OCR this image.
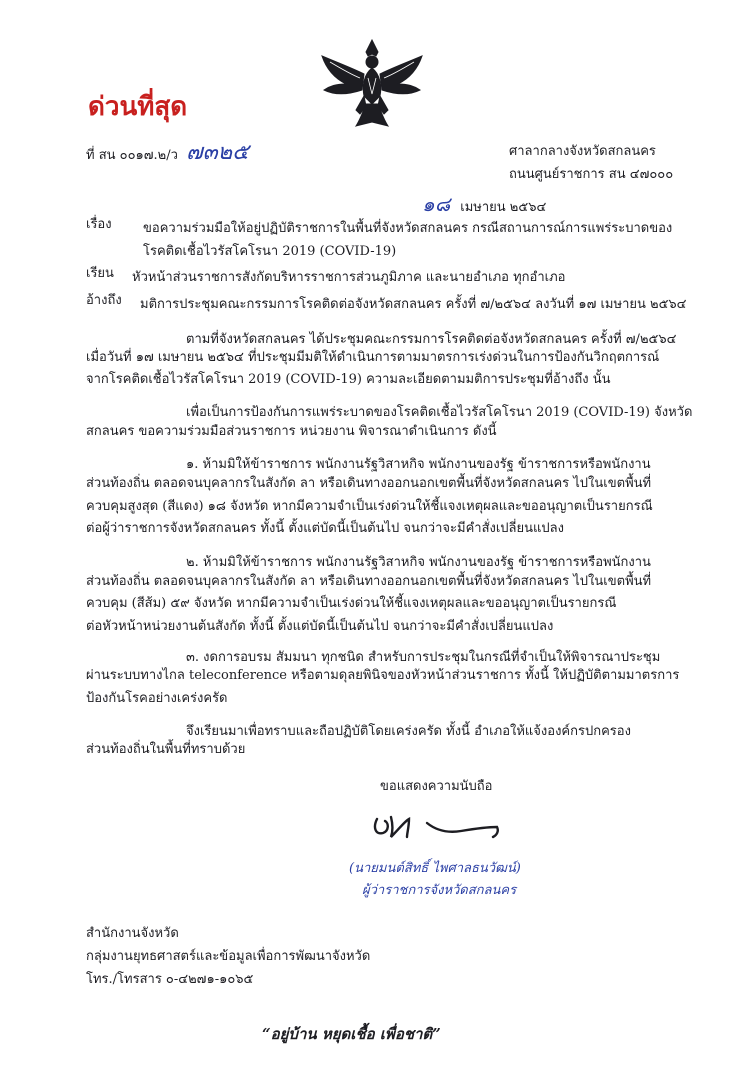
ด่วนที่สุด
ที่ สน ๐๐๑๗.๒/ว ๗๓๒๕	ศาลากลางจังหวัดสกลนคร
ถนนศูนย์ราชการ สน ๔๗๐๐๐
๑๘ เมษายน ๒๕๖๔
เรื่อง ขอความร่วมมือให้อยู่ปฏิบัติราชการในพื้นที่จังหวัดสกลนคร กรณีสถานการณ์การแพร่ระบาดของ
โรคติดเชื้อไวรัสโคโรนา 2019 (COVID-19)
เรียน หัวหน้าส่วนราชการสังกัดบริหารราชการส่วนภูมิภาค และนายอำเภอ ทุกอำเภอ
อ้างถึง มติการประชุมคณะกรรมการโรคติดต่อจังหวัดสกลนคร ครั้งที่ ๗/๒๕๖๔ ลงวันที่ ๑๗ เมษายน ๒๕๖๔
ตามที่จังหวัดสกลนคร ได้ประชุมคณะกรรมการโรคติดต่อจังหวัดสกลนคร ครั้งที่ ๗/๒๕๖๔
เมื่อวันที่ ๑๗ เมษายน ๒๕๖๔ ที่ประชุมมีมติให้ดำเนินการตามมาตรการเร่งด่วนในการป้องกันวิกฤตการณ์
จากโรคติดเชื้อไวรัสโคโรนา 2019 (COVID-19) ความละเอียดตามมติการประชุมที่อ้างถึง นั้น
เพื่อเป็นการป้องกันการแพร่ระบาดของโรคติดเชื้อไวรัสโคโรนา 2019 (COVID-19) จังหวัด
สกลนคร ขอความร่วมมือส่วนราชการ หน่วยงาน พิจารณาดำเนินการ ดังนี้
๑. ห้ามมิให้ข้าราชการ พนักงานรัฐวิสาหกิจ พนักงานของรัฐ ข้าราชการหรือพนักงาน
ส่วนท้องถิ่น ตลอดจนบุคลากรในสังกัด ลา หรือเดินทางออกนอกเขตพื้นที่จังหวัดสกลนคร ไปในเขตพื้นที่
ควบคุมสูงสุด (สีแดง) ๑๘ จังหวัด หากมีความจำเป็นเร่งด่วนให้ชี้แจงเหตุผลและขออนุญาตเป็นรายกรณี
ต่อผู้ว่าราชการจังหวัดสกลนคร ทั้งนี้ ตั้งแต่บัดนี้เป็นต้นไป จนกว่าจะมีคำสั่งเปลี่ยนแปลง
๒. ห้ามมิให้ข้าราชการ พนักงานรัฐวิสาหกิจ พนักงานของรัฐ ข้าราชการหรือพนักงาน
ส่วนท้องถิ่น ตลอดจนบุคลากรในสังกัด ลา หรือเดินทางออกนอกเขตพื้นที่จังหวัดสกลนคร ไปในเขตพื้นที่
ควบคุม (สีส้ม) ๕๙ จังหวัด หากมีความจำเป็นเร่งด่วนให้ชี้แจงเหตุผลและขออนุญาตเป็นรายกรณี
ต่อหัวหน้าหน่วยงานต้นสังกัด ทั้งนี้ ตั้งแต่บัดนี้เป็นต้นไป จนกว่าจะมีคำสั่งเปลี่ยนแปลง
๓. งดการอบรม สัมมนา ทุกชนิด สำหรับการประชุมในกรณีที่จำเป็นให้พิจารณาประชุม
ผ่านระบบทางไกล teleconference หรือตามดุลยพินิจของหัวหน้าส่วนราชการ ทั้งนี้ ให้ปฏิบัติตามมาตรการ
ป้องกันโรคอย่างเคร่งครัด
จึงเรียนมาเพื่อทราบและถือปฏิบัติโดยเคร่งครัด ทั้งนี้ อำเภอให้แจ้งองค์กรปกครอง
ส่วนท้องถิ่นในพื้นที่ทราบด้วย
ขอแสดงความนับถือ
(นายมนต์สิทธิ์ ไพศาลธนวัฒน์)
ผู้ว่าราชการจังหวัดสกลนคร
สำนักงานจังหวัด
กลุ่มงานยุทธศาสตร์และข้อมูลเพื่อการพัฒนาจังหวัด
โทร./โทรสาร ๐-๔๒๗๑-๑๐๖๕
“อยู่บ้าน หยุดเชื้อ เพื่อชาติ”
